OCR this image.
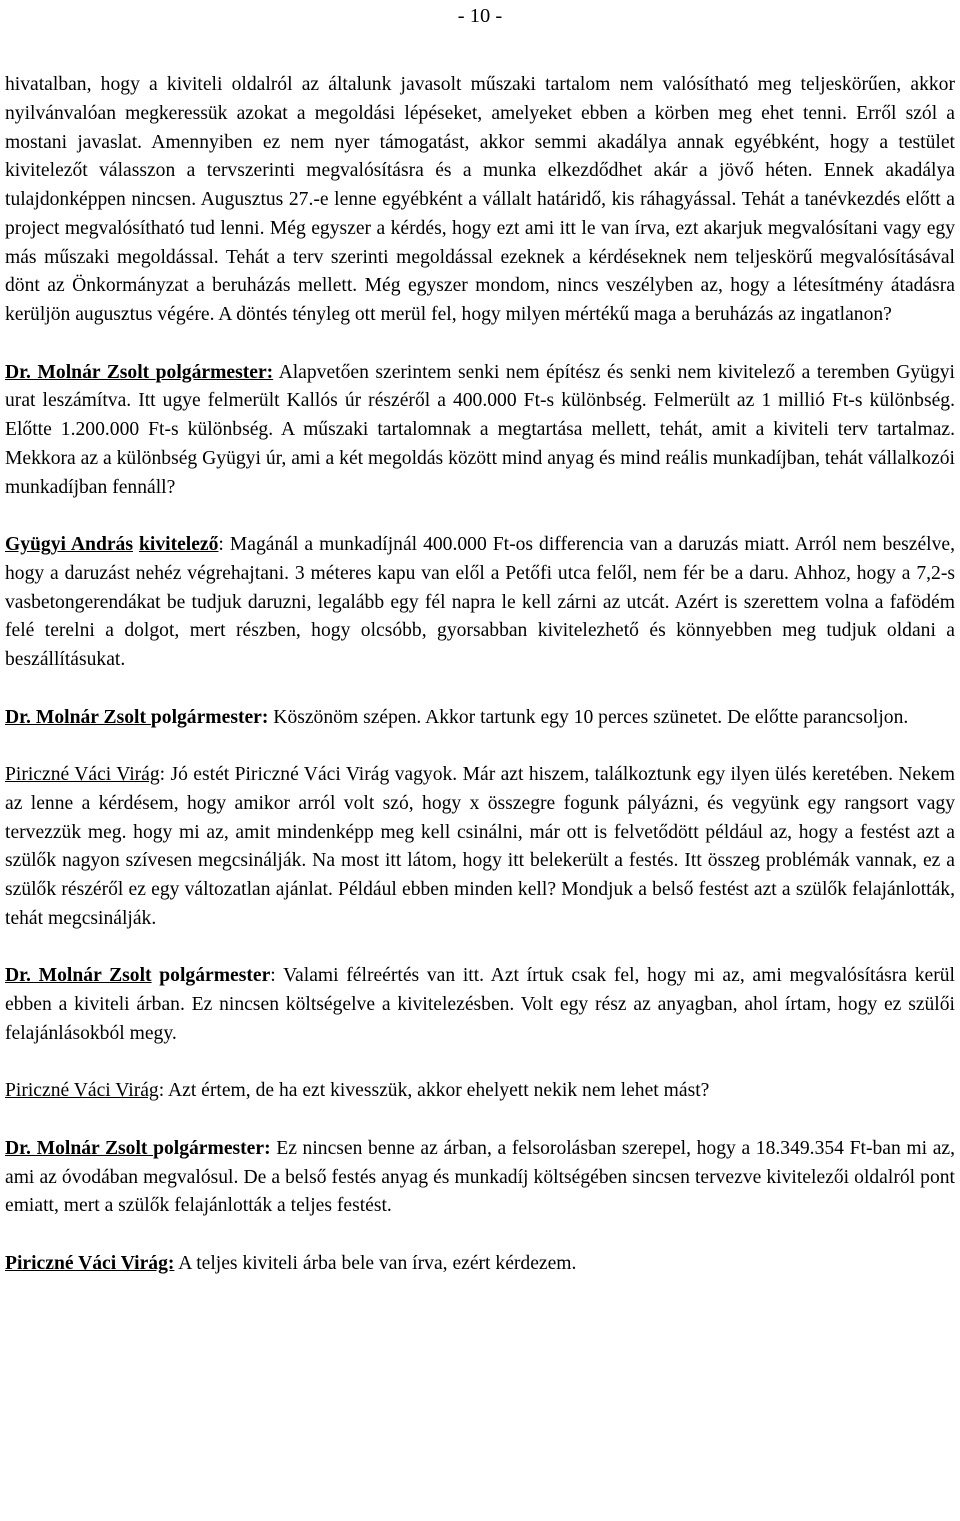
- 10 -

hivatalban, hogy a kiviteli oldalról az általunk javasolt műszaki tartalom nem valósítható meg teljeskörűen, akkor nyilvánvalóan megkeressük azokat a megoldási lépéseket, amelyeket ebben a körben meg ehet tenni. Erről szól a mostani javaslat. Amennyiben ez nem nyer támogatást, akkor semmi akadálya annak egyébként, hogy a testület kivitelezőt válasszon a tervszerinti megvalósításra és a munka elkezdődhet akár a jövő héten. Ennek akadálya tulajdonképpen nincsen. Augusztus 27.-e lenne egyébként a vállalt határidő, kis ráhagyással. Tehát a tanévkezdés előtt a project megvalósítható tud lenni. Még egyszer a kérdés, hogy ezt ami itt le van írva, ezt akarjuk megvalósítani vagy egy más műszaki megoldással. Tehát a terv szerinti megoldással ezeknek a kérdéseknek nem teljeskörű megvalósításával dönt az Önkormányzat a beruházás mellett. Még egyszer mondom, nincs veszélyben az, hogy a létesítmény átadásra kerüljön augusztus végére. A döntés tényleg ott merül fel, hogy milyen mértékű maga a beruházás az ingatlanon?

Dr. Molnár Zsolt polgármester: Alapvetően szerintem senki nem építész és senki nem kivitelező a teremben Gyügyi urat leszámítva. Itt ugye felmerült Kallós úr részéről a 400.000 Ft-s különbség. Felmerült az 1 millió Ft-s különbség. Előtte 1.200.000 Ft-s különbség. A műszaki tartalomnak a megtartása mellett, tehát, amit a kiviteli terv tartalmaz. Mekkora az a különbség Gyügyi úr, ami a két megoldás között mind anyag és mind reális munkadíjban, tehát vállalkozói munkadíjban fennáll?

Gyügyi András kivitelező: Magánál a munkadíjnál 400.000 Ft-os differencia van a daruzás miatt. Arról nem beszélve, hogy a daruzást nehéz végrehajtani. 3 méteres kapu van elől a Petőfi utca felől, nem fér be a daru. Ahhoz, hogy a 7,2-s vasbetongerendákat be tudjuk daruzni, legalább egy fél napra le kell zárni az utcát. Azért is szerettem volna a fafödém felé terelni a dolgot, mert részben, hogy olcsóbb, gyorsabban kivitelezhető és könnyebben meg tudjuk oldani a beszállításukat.

Dr. Molnár Zsolt polgármester: Köszönöm szépen. Akkor tartunk egy 10 perces szünetet. De előtte parancsoljon.

Piriczné Váci Virág: Jó estét Piriczné Váci Virág vagyok. Már azt hiszem, találkoztunk egy ilyen ülés keretében. Nekem az lenne a kérdésem, hogy amikor arról volt szó, hogy x összegre fogunk pályázni, és vegyünk egy rangsort vagy tervezzük meg. hogy mi az, amit mindenképp meg kell csinálni, már ott is felvetődött például az, hogy a festést azt a szülők nagyon szívesen megcsinálják. Na most itt látom, hogy itt belekerült a festés. Itt összeg problémák vannak, ez a szülők részéről ez egy változatlan ajánlat. Például ebben minden kell? Mondjuk a belső festést azt a szülők felajánlották, tehát megcsinálják.

Dr. Molnár Zsolt polgármester: Valami félreértés van itt. Azt írtuk csak fel, hogy mi az, ami megvalósításra kerül ebben a kiviteli árban. Ez nincsen költségelve a kivitelezésben. Volt egy rész az anyagban, ahol írtam, hogy ez szülői felajánlásokból megy.

Piriczné Váci Virág: Azt értem, de ha ezt kivesszük, akkor ehelyett nekik nem lehet mást?

Dr. Molnár Zsolt polgármester: Ez nincsen benne az árban, a felsorolásban szerepel, hogy a 18.349.354 Ft-ban mi az, ami az óvodában megvalósul. De a belső festés anyag és munkadíj költségében sincsen tervezve kivitelezői oldalról pont emiatt, mert a szülők felajánlották a teljes festést.

Piriczné Váci Virág: A teljes kiviteli árba bele van írva, ezért kérdezem.
